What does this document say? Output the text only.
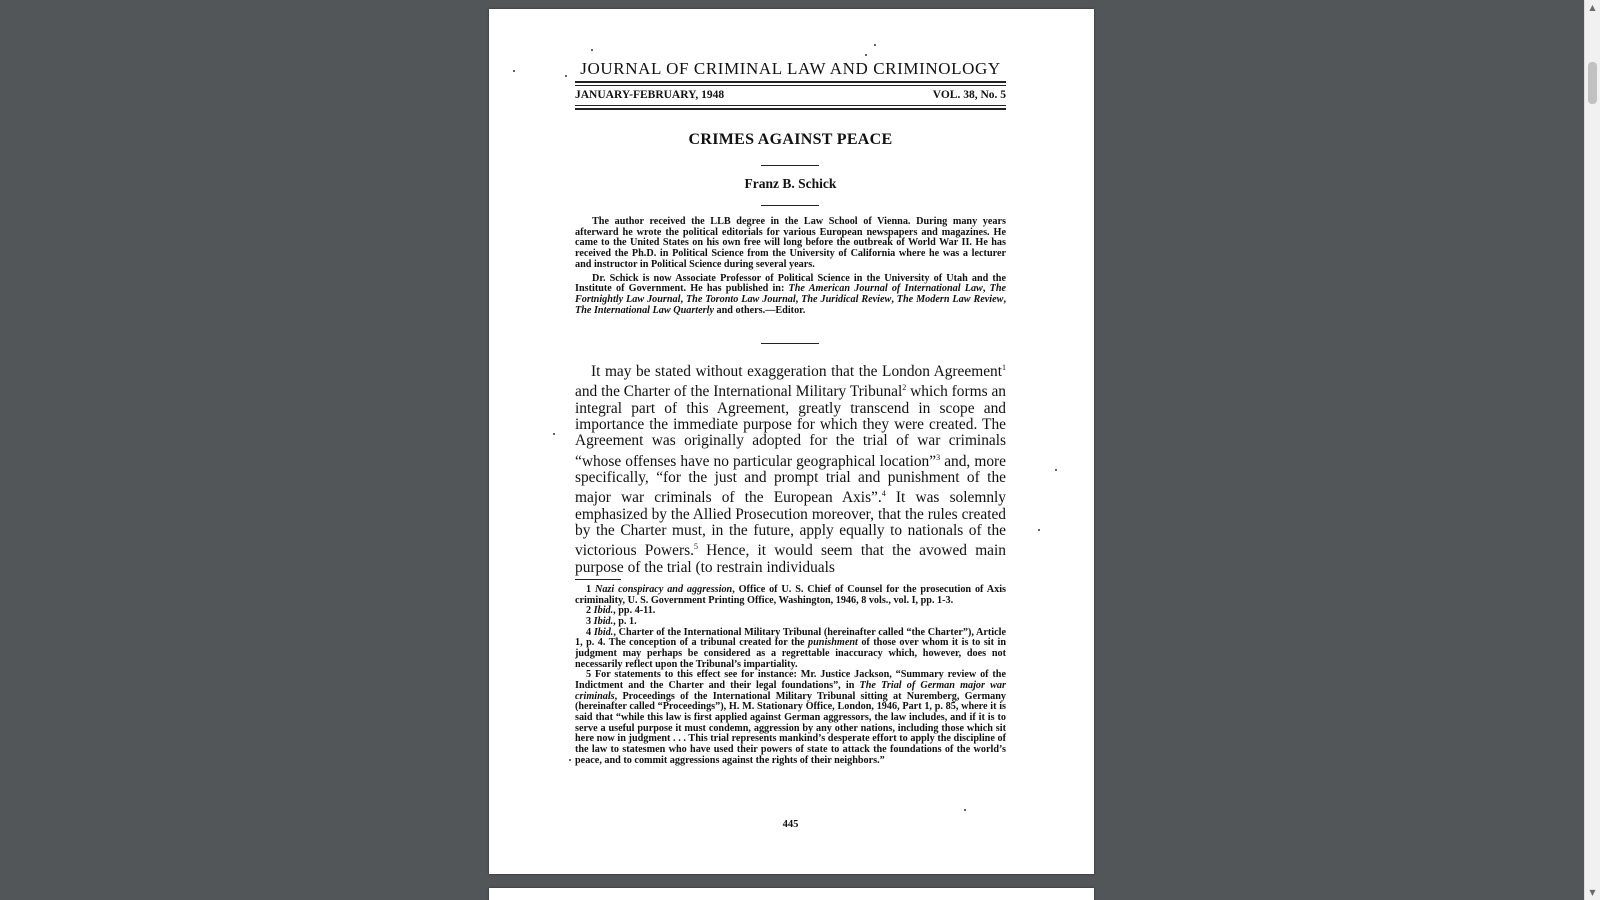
JOURNAL OF CRIMINAL LAW AND CRIMINOLOGY
JANUARY-FEBRUARY, 1948	VOL. 38, No. 5
CRIMES AGAINST PEACE
Franz B. Schick

The author received the LLB degree in the Law School of Vienna. During many years afterward he wrote the political editorials for various European newspapers and magazines. He came to the United States on his own free will long before the outbreak of World War II. He has received the Ph.D. in Political Science from the University of California where he was a lecturer and instructor in Political Science during several years.

Dr. Schick is now Associate Professor of Political Science in the University of Utah and the Institute of Government. He has published in: The American Journal of International Law, The Fortnightly Law Journal, The Toronto Law Journal, The Juridical Review, The Modern Law Review, The International Law Quarterly and others.—Editor.

It may be stated without exaggeration that the London Agreement$^1$ and the Charter of the International Military Tribunal$^2$ which forms an integral part of this Agreement, greatly transcend in scope and importance the immediate purpose for which they were created. The Agreement was originally adopted for the trial of war criminals “whose offenses have no particular geographical location”$^3$ and, more specifically, “for the just and prompt trial and punishment of the major war criminals of the European Axis”.$^4$ It was solemnly emphasized by the Allied Prosecution moreover, that the rules created by the Charter must, in the future, apply equally to nationals of the victorious Powers.$^5$ Hence, it would seem that the avowed main purpose of the trial (to restrain individuals

1 Nazi conspiracy and aggression, Office of U. S. Chief of Counsel for the prosecution of Axis criminality, U. S. Government Printing Office, Washington, 1946, 8 vols., vol. I, pp. 1-3.

2 Ibid., pp. 4-11.

3 Ibid., p. 1.

4 Ibid., Charter of the International Military Tribunal (hereinafter called “the Charter”), Article 1, p. 4. The conception of a tribunal created for the punishment of those over whom it is to sit in judgment may perhaps be considered as a regrettable inaccuracy which, however, does not necessarily reflect upon the Tribunal’s impartiality.

5 For statements to this effect see for instance: Mr. Justice Jackson, “Summary review of the Indictment and the Charter and their legal foundations”, in The Trial of German major war criminals, Proceedings of the International Military Tribunal sitting at Nuremberg, Germany (hereinafter called “Proceedings”), H. M. Stationary Office, London, 1946, Part 1, p. 85, where it is said that “while this law is first applied against German aggressors, the law includes, and if it is to serve a useful purpose it must condemn, aggression by any other nations, including those which sit here now in judgment . . . This trial represents mankind’s desperate effort to apply the discipline of the law to statesmen who have used their powers of state to attack the foundations of the world’s peace, and to commit aggressions against the rights of their neighbors.”

445
▲
▼
